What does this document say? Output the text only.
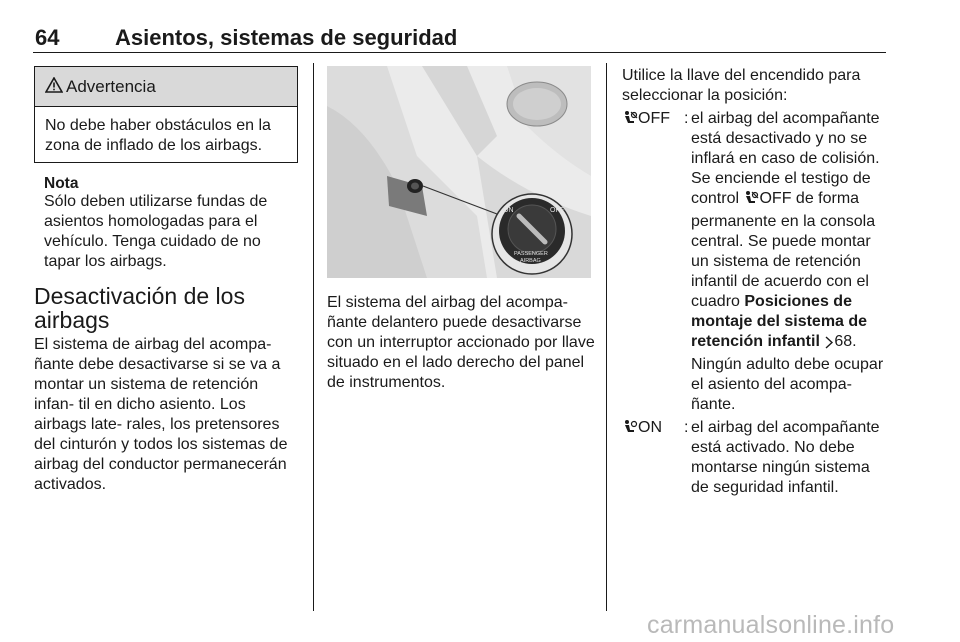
64	Asientos, sistemas de seguridad
Advertencia
No debe haber obstáculos en la zona de inflado de los airbags.
Nota
Sólo deben utilizarse fundas de asientos homologadas para el vehículo. Tenga cuidado de no tapar los airbags.
Desactivación de los airbags
El sistema de airbag del acompa- ñante debe desactivarse si se va a montar un sistema de retención infan- til en dicho asiento. Los airbags late- rales, los pretensores del cinturón y todos los sistemas de airbag del conductor permanecerán activados.
ON	OFF
PASSENGER
AIRBAG
El sistema del airbag del acompa- ñante delantero puede desactivarse con un interruptor accionado por llave situado en el lado derecho del panel de instrumentos.
Utilice la llave del encendido para seleccionar la posición:
OFF : el airbag del acompañante está desactivado y no se inflará en caso de colisión. Se enciende el testigo de control OFF de forma permanente en la consola central. Se puede montar un sistema de retención infantil de acuerdo con el cuadro Posiciones de montaje del sistema de retención infantil 68. Ningún adulto debe ocupar el asiento del acompa- ñante.
ON	: el airbag del acompañante está activado. No debe montarse ningún sistema de seguridad infantil.
carmanualsonline.info
